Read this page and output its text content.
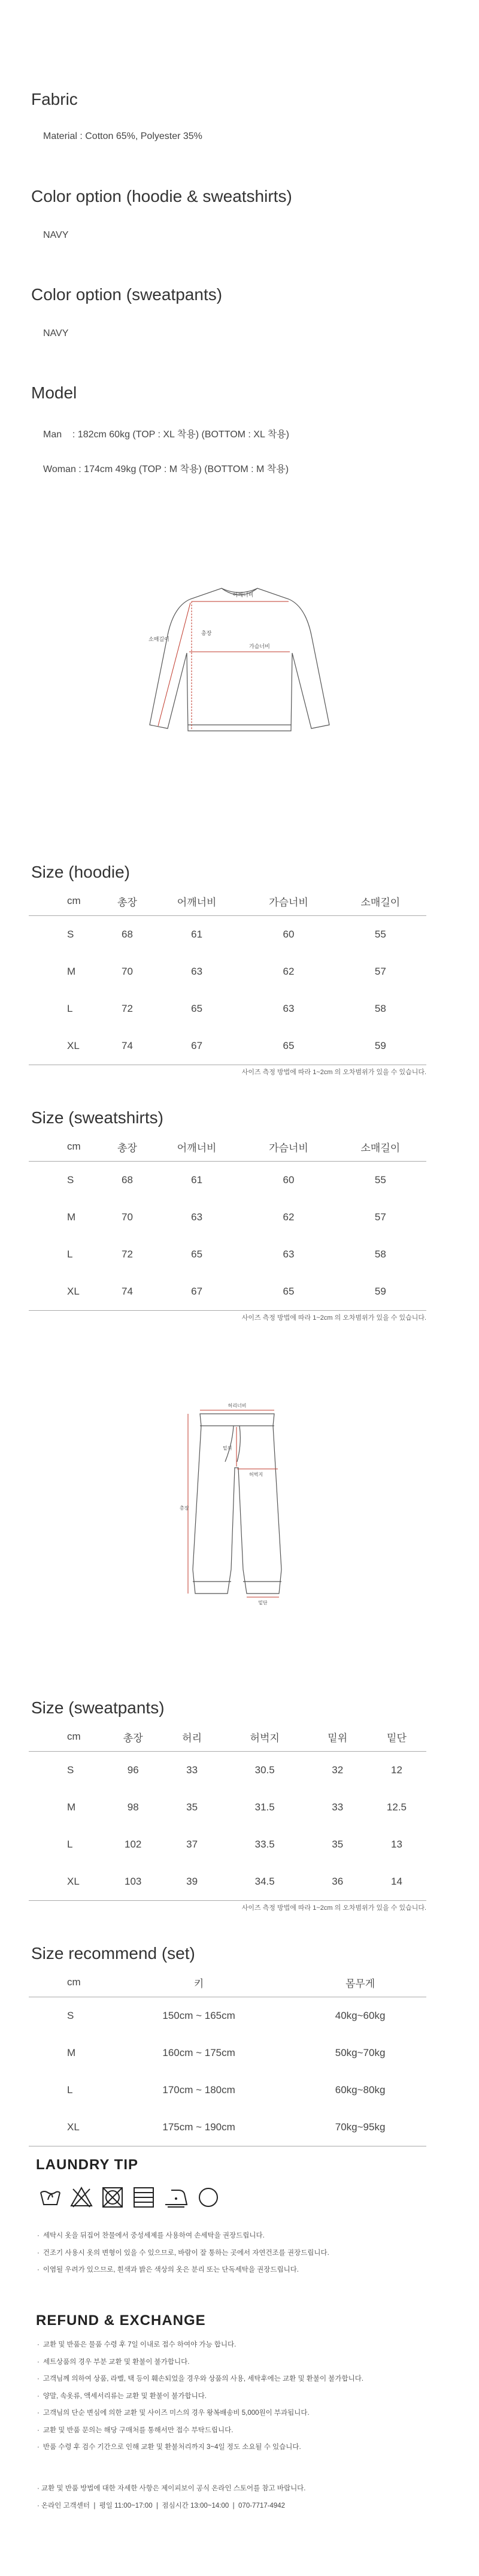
Fabric
Material : Cotton 65%, Polyester 35%
Color option (hoodie & sweatshirts)
NAVY
Color option (sweatpants)
NAVY
Model
Man    : 182cm 60kg (TOP : XL 착용) (BOTTOM : XL 착용)
Woman : 174cm 49kg (TOP : M 착용) (BOTTOM : M 착용)
어깨너비
총장
가슴너비
소매길이
Size (hoodie)
cm	총장	어깨너비	가슴너비	소매길이
S	68	61	60	55
M	70	63	62	57
L	72	65	63	58
XL	74	67	65	59
사이즈 측정 방법에 따라 1~2cm 의 오차범위가 있을 수 있습니다.
Size (sweatshirts)
cm	총장	어깨너비	가슴너비	소매길이
S	68	61	60	55
M	70	63	62	57
L	72	65	63	58
XL	74	67	65	59
사이즈 측정 방법에 따라 1~2cm 의 오차범위가 있을 수 있습니다.
허리너비
밑위
허벅지
총장
밑단
Size (sweatpants)
cm	총장	허리	허벅지	밑위	밑단
S	96	33	30.5	32	12
M	98	35	31.5	33	12.5
L	102	37	33.5	35	13
XL	103	39	34.5	36	14
사이즈 측정 방법에 따라 1~2cm 의 오차범위가 있을 수 있습니다.
Size recommend (set)
cm	키	몸무게
S	150cm ~ 165cm	40kg~60kg
M	160cm ~ 175cm	50kg~70kg
L	170cm ~ 180cm	60kg~80kg
XL	175cm ~ 190cm	70kg~95kg
LAUNDRY TIP
· 세탁시 옷을 뒤집어 찬물에서 중성세제를 사용하여 손세탁을 권장드립니다.
· 건조기 사용시 옷의 변형이 있을 수 있으므로, 바람이 잘 통하는 곳에서 자연건조를 권장드립니다.
· 이염될 우려가 있으므로, 흰색과 밝은 색상의 옷은 분리 또는 단독세탁을 권장드립니다.
REFUND & EXCHANGE
· 교환 및 반품은 물품 수령 후 7일 이내로 접수 하여야 가능 합니다.
· 세트상품의 경우 부분 교환 및 환불이 불가합니다.
· 고객님께 의하여 상품, 라벨, 택 등이 훼손되었을 경우와 상품의 사용, 세탁후에는 교환 및 환불이 불가합니다.
· 양말, 속옷류, 액세서리류는 교환 및 환불이 불가합니다.
· 고객님의 단순 변심에 의한 교환 및 사이즈 미스의 경우 왕복배송비 5,000원이 부과됩니다.
· 교환 및 반품 문의는 해당 구매처를 통해서만 접수 부탁드립니다.
· 반품 수령 후 검수 기간으로 인해 교환 및 환불처리까지 3~4일 정도 소요될 수 있습니다.
· 교환 및 반품 방법에 대한 자세한 사항은 제이피보이 공식 온라인 스토어를 참고 바랍니다.
· 온라인 고객센터  |  평일 11:00~17:00  |  점심시간 13:00~14:00  |  070-7717-4942
